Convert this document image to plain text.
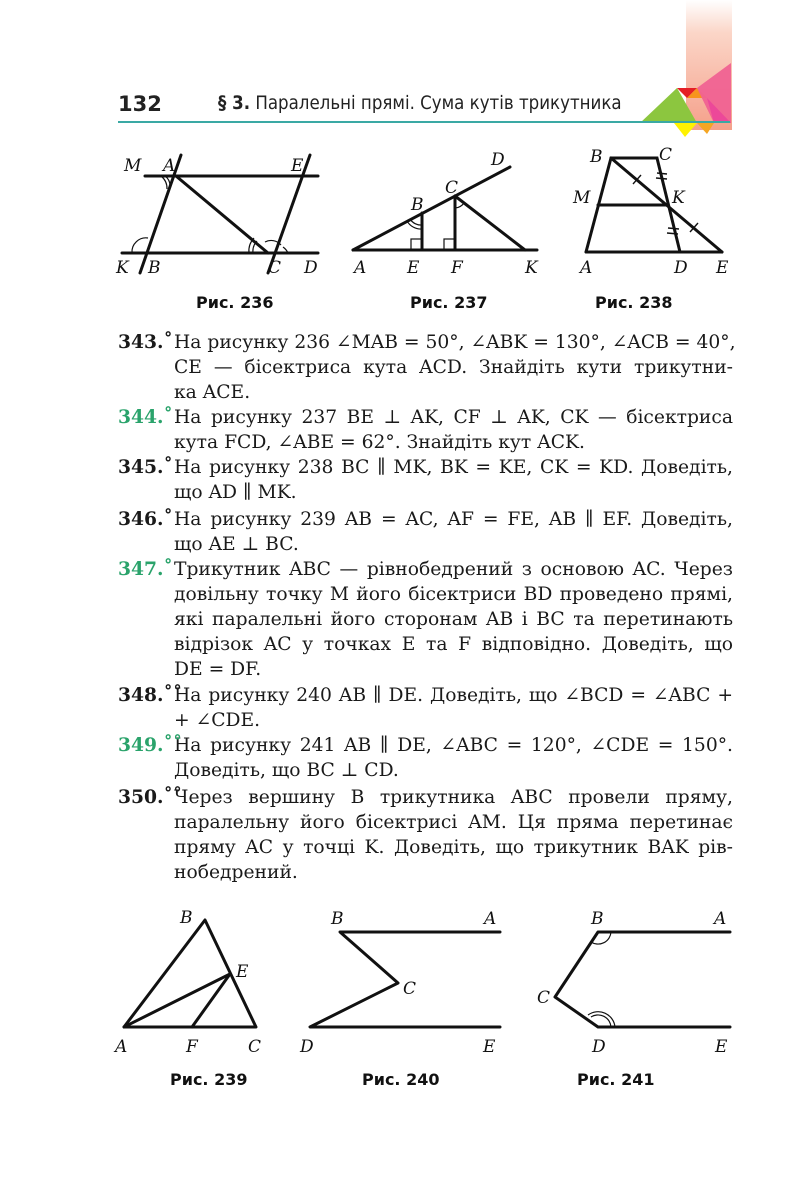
132	§ 3. Паралельні прямі. Сума кутів трикутника
M A	E
K B	C D
Рис. 236
D
C
B
A E F	K
Рис. 237
B	C
M	K
A	D E
Рис. 238
343.˚ На рисунку 236 ∠MAB = 50°, ∠ABK = 130°, ∠ACB = 40°,
CE — бісектриса кута ACD. Знайдіть кути трикутни-
ка ACE.
344.˚ На рисунку 237 BE ⊥ AK, CF ⊥ AK, CK — бісектриса
кута FCD, ∠ABE = 62°. Знайдіть кут ACK.
345.˚ На рисунку 238 BC ∥ MK, BK = KE, CK = KD. Доведіть,
що AD ∥ MK.
346.˚ На рисунку 239 AB = AC, AF = FE, AB ∥ EF. Доведіть,
що AE ⊥ BC.
347.˚ Трикутник ABC — рівнобедрений з основою AC. Через
довільну точку M його бісектриси BD проведено прямі,
які паралельні його сторонам AB і BC та перетинають
відрізок AC у точках E та F відповідно. Доведіть, що
DE = DF.
348.˚˚
На рисунку 240 AB ∥ DE. Доведіть, що ∠BCD = ∠ABC +
+ ∠CDE.
349.˚˚
На рисунку 241 AB ∥ DE, ∠ABC = 120°, ∠CDE = 150°.
Доведіть, що BC ⊥ CD.
350.˚˚
Через вершину B трикутника ABC провели пряму,
паралельну його бісектрисі AM. Ця пряма перетинає
пряму AC у точці K. Доведіть, що трикутник BAK рів-
нобедрений.
B
E
A	F	C
Рис. 239
B	A
C
D	E
Рис. 240
B	A
C
D	E
Рис. 241
